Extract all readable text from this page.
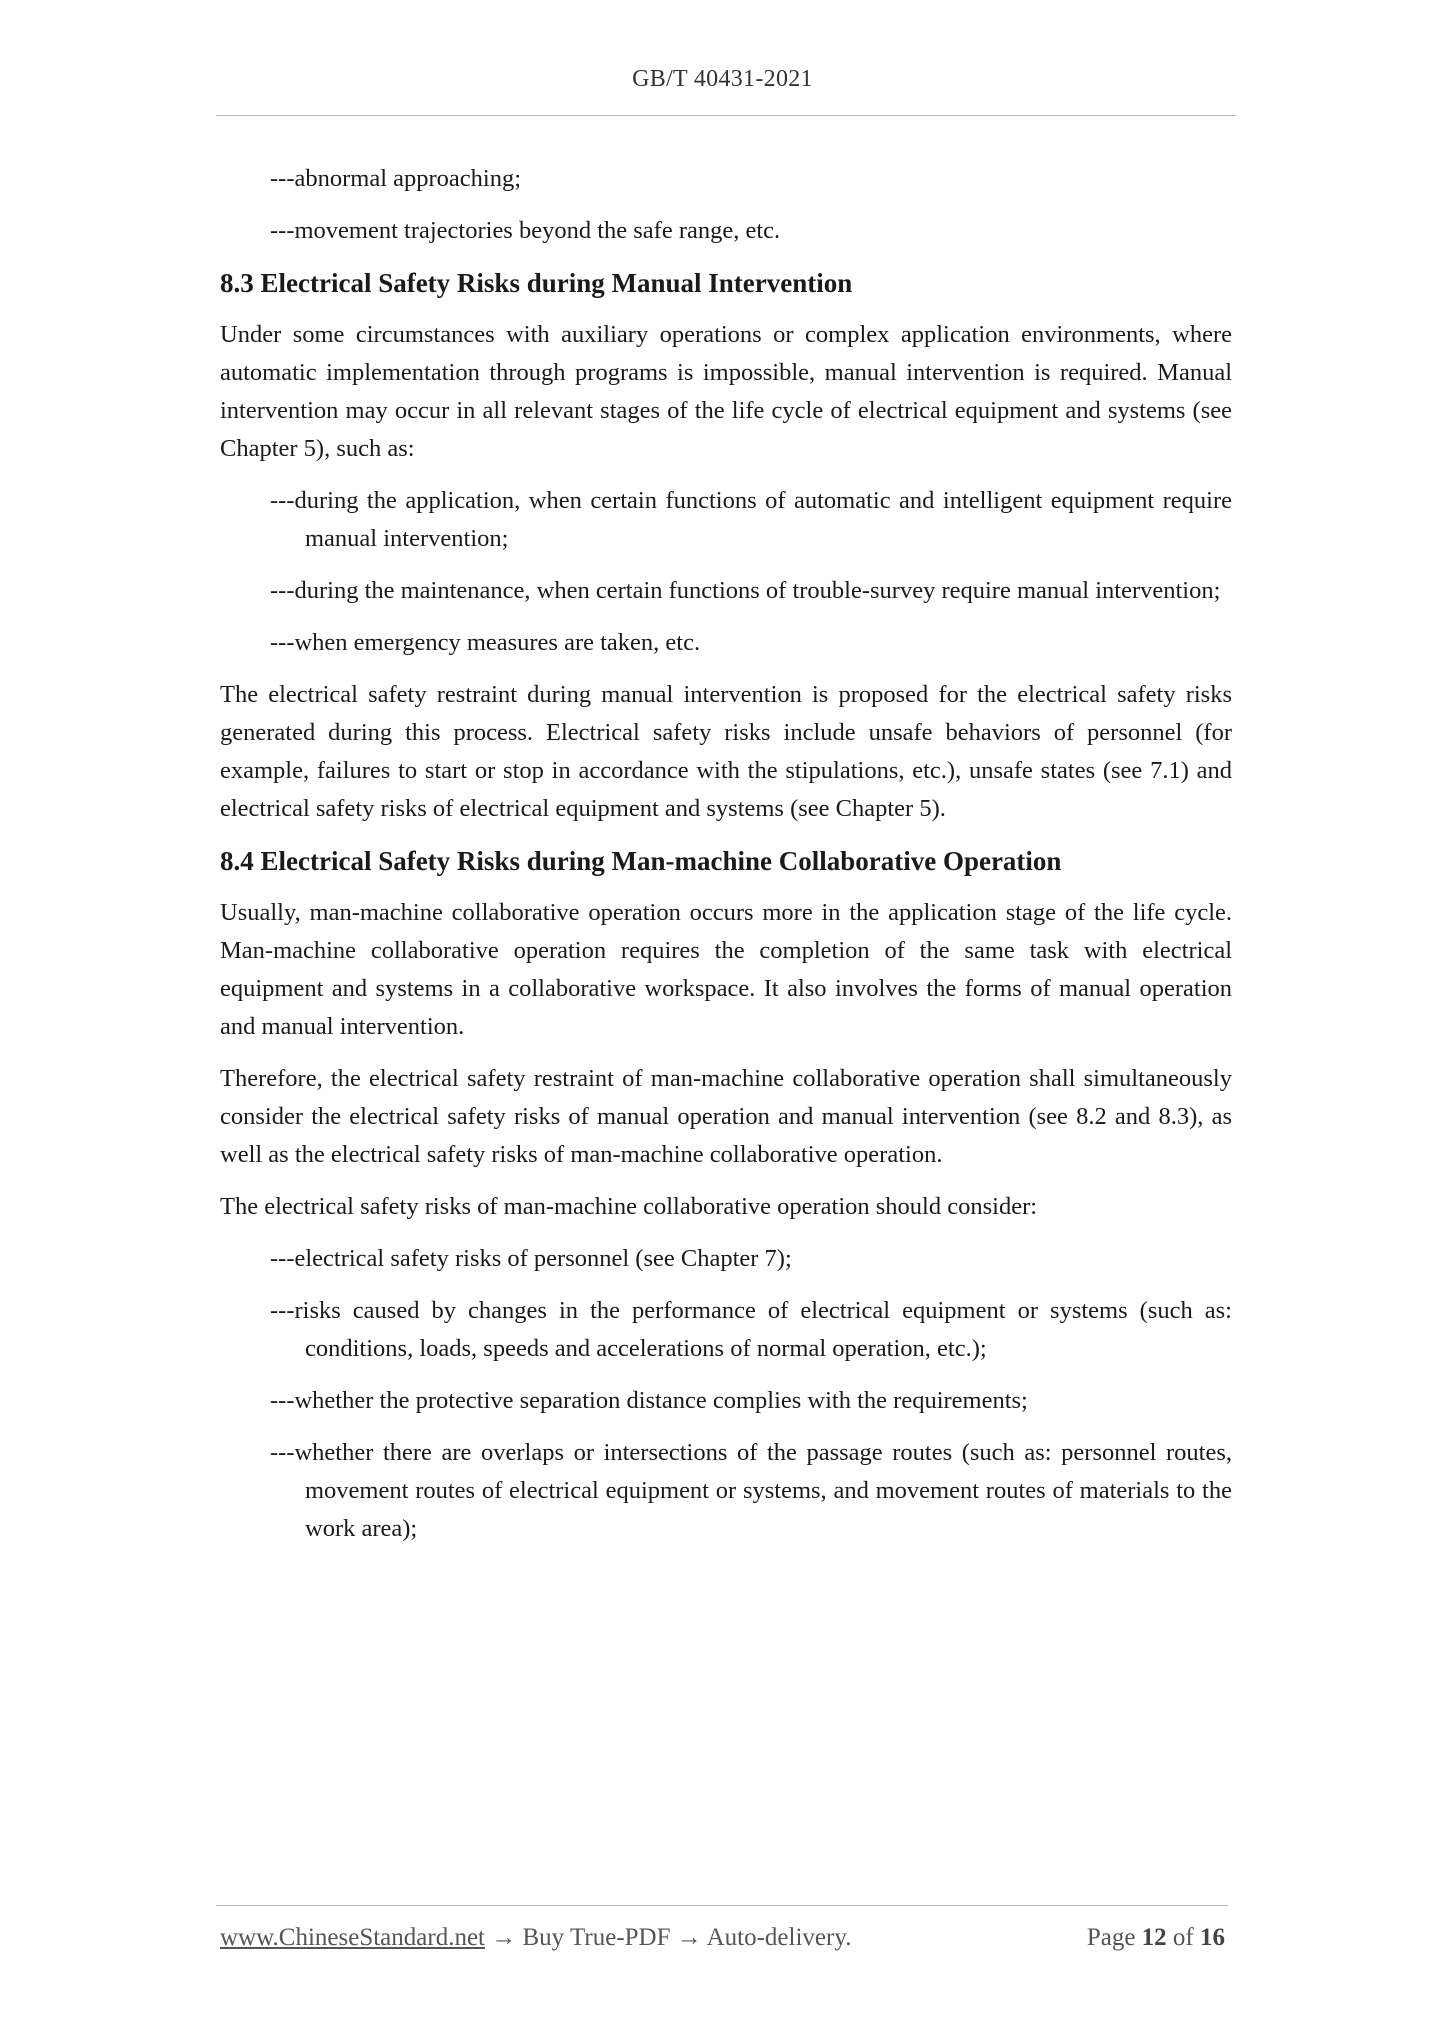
GB/T 40431-2021

---abnormal approaching;

---movement trajectories beyond the safe range, etc.

8.3 Electrical Safety Risks during Manual Intervention

Under some circumstances with auxiliary operations or complex application environments, where automatic implementation through programs is impossible, manual intervention is required. Manual intervention may occur in all relevant stages of the life cycle of electrical equipment and systems (see Chapter 5), such as:

---during the application, when certain functions of automatic and intelligent equipment require manual intervention;

---during the maintenance, when certain functions of trouble-survey require manual intervention;

---when emergency measures are taken, etc.

The electrical safety restraint during manual intervention is proposed for the electrical safety risks generated during this process. Electrical safety risks include unsafe behaviors of personnel (for example, failures to start or stop in accordance with the stipulations, etc.), unsafe states (see 7.1) and electrical safety risks of electrical equipment and systems (see Chapter 5).

8.4 Electrical Safety Risks during Man-machine Collaborative Operation

Usually, man-machine collaborative operation occurs more in the application stage of the life cycle. Man-machine collaborative operation requires the completion of the same task with electrical equipment and systems in a collaborative workspace. It also involves the forms of manual operation and manual intervention.

Therefore, the electrical safety restraint of man-machine collaborative operation shall simultaneously consider the electrical safety risks of manual operation and manual intervention (see 8.2 and 8.3), as well as the electrical safety risks of man-machine collaborative operation.

The electrical safety risks of man-machine collaborative operation should consider:

---electrical safety risks of personnel (see Chapter 7);

---risks caused by changes in the performance of electrical equipment or systems (such as: conditions, loads, speeds and accelerations of normal operation, etc.);

---whether the protective separation distance complies with the requirements;

---whether there are overlaps or intersections of the passage routes (such as: personnel routes, movement routes of electrical equipment or systems, and movement routes of materials to the work area);

www.ChineseStandard.net → Buy True-PDF → Auto-delivery.	Page 12 of 16
